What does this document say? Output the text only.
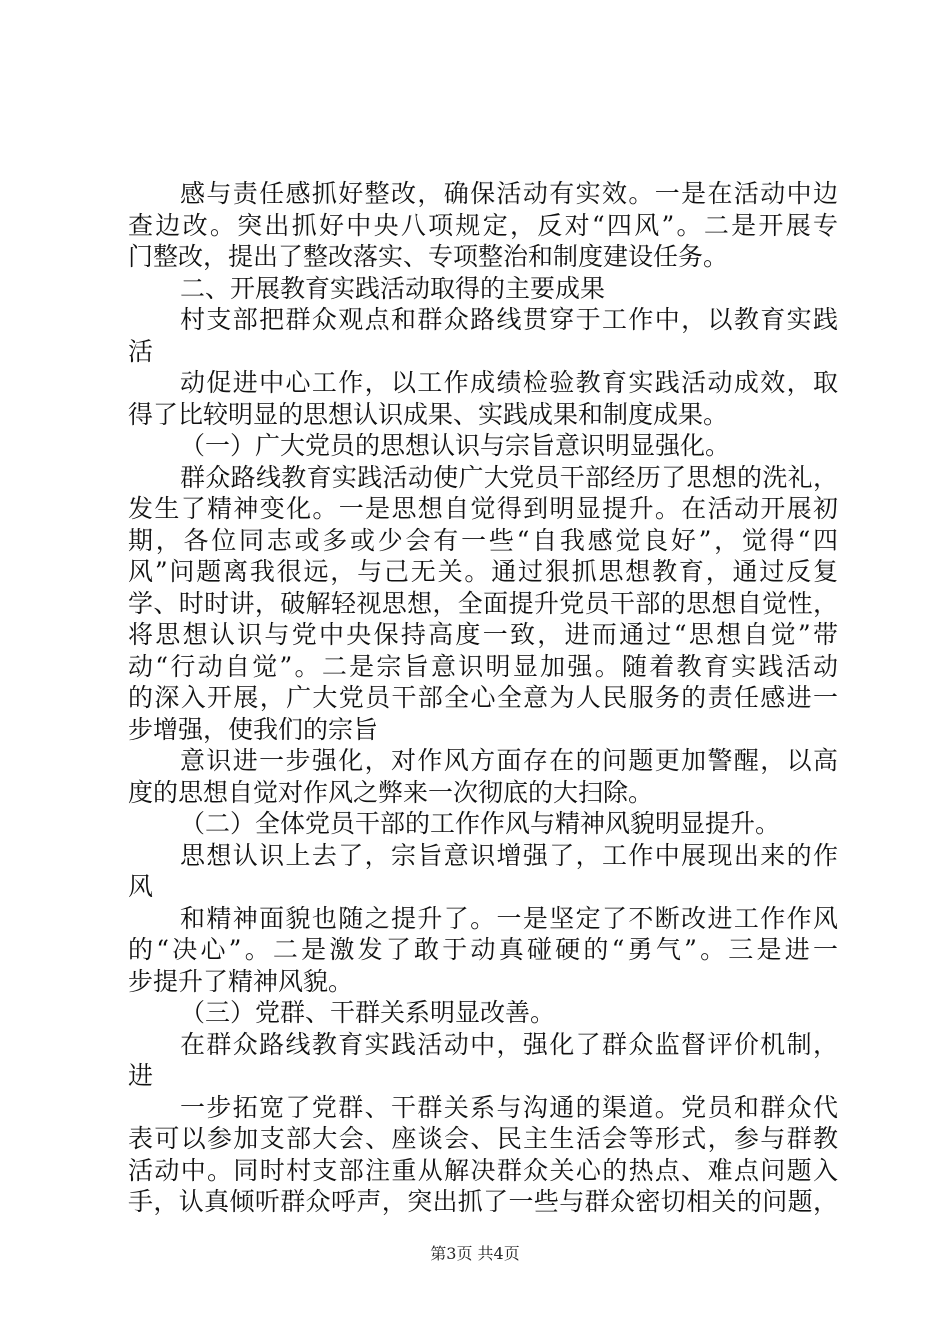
感与责任感抓好整改，确保活动有实效。一是在活动中边
查边改。突出抓好中央八项规定，反对“四风”。二是开展专
门整改，提出了整改落实、专项整治和制度建设任务。
二、开展教育实践活动取得的主要成果
村支部把群众观点和群众路线贯穿于工作中，以教育实践
活
动促进中心工作，以工作成绩检验教育实践活动成效，取
得了比较明显的思想认识成果、实践成果和制度成果。
（一）广大党员的思想认识与宗旨意识明显强化。
群众路线教育实践活动使广大党员干部经历了思想的洗礼，
发生了精神变化。一是思想自觉得到明显提升。在活动开展初
期，各位同志或多或少会有一些“自我感觉良好”，觉得“四
风”问题离我很远，与己无关。通过狠抓思想教育，通过反复
学、时时讲，破解轻视思想，全面提升党员干部的思想自觉性，
将思想认识与党中央保持高度一致，进而通过“思想自觉”带
动“行动自觉”。二是宗旨意识明显加强。随着教育实践活动
的深入开展，广大党员干部全心全意为人民服务的责任感进一
步增强，使我们的宗旨
意识进一步强化，对作风方面存在的问题更加警醒，以高
度的思想自觉对作风之弊来一次彻底的大扫除。
（二）全体党员干部的工作作风与精神风貌明显提升。
思想认识上去了，宗旨意识增强了，工作中展现出来的作
风
和精神面貌也随之提升了。一是坚定了不断改进工作作风
的“决心”。二是激发了敢于动真碰硬的“勇气”。三是进一
步提升了精神风貌。
（三）党群、干群关系明显改善。
在群众路线教育实践活动中，强化了群众监督评价机制，
进
一步拓宽了党群、干群关系与沟通的渠道。党员和群众代
表可以参加支部大会、座谈会、民主生活会等形式，参与群教
活动中。同时村支部注重从解决群众关心的热点、难点问题入
手，认真倾听群众呼声，突出抓了一些与群众密切相关的问题，
第3页 共4页
